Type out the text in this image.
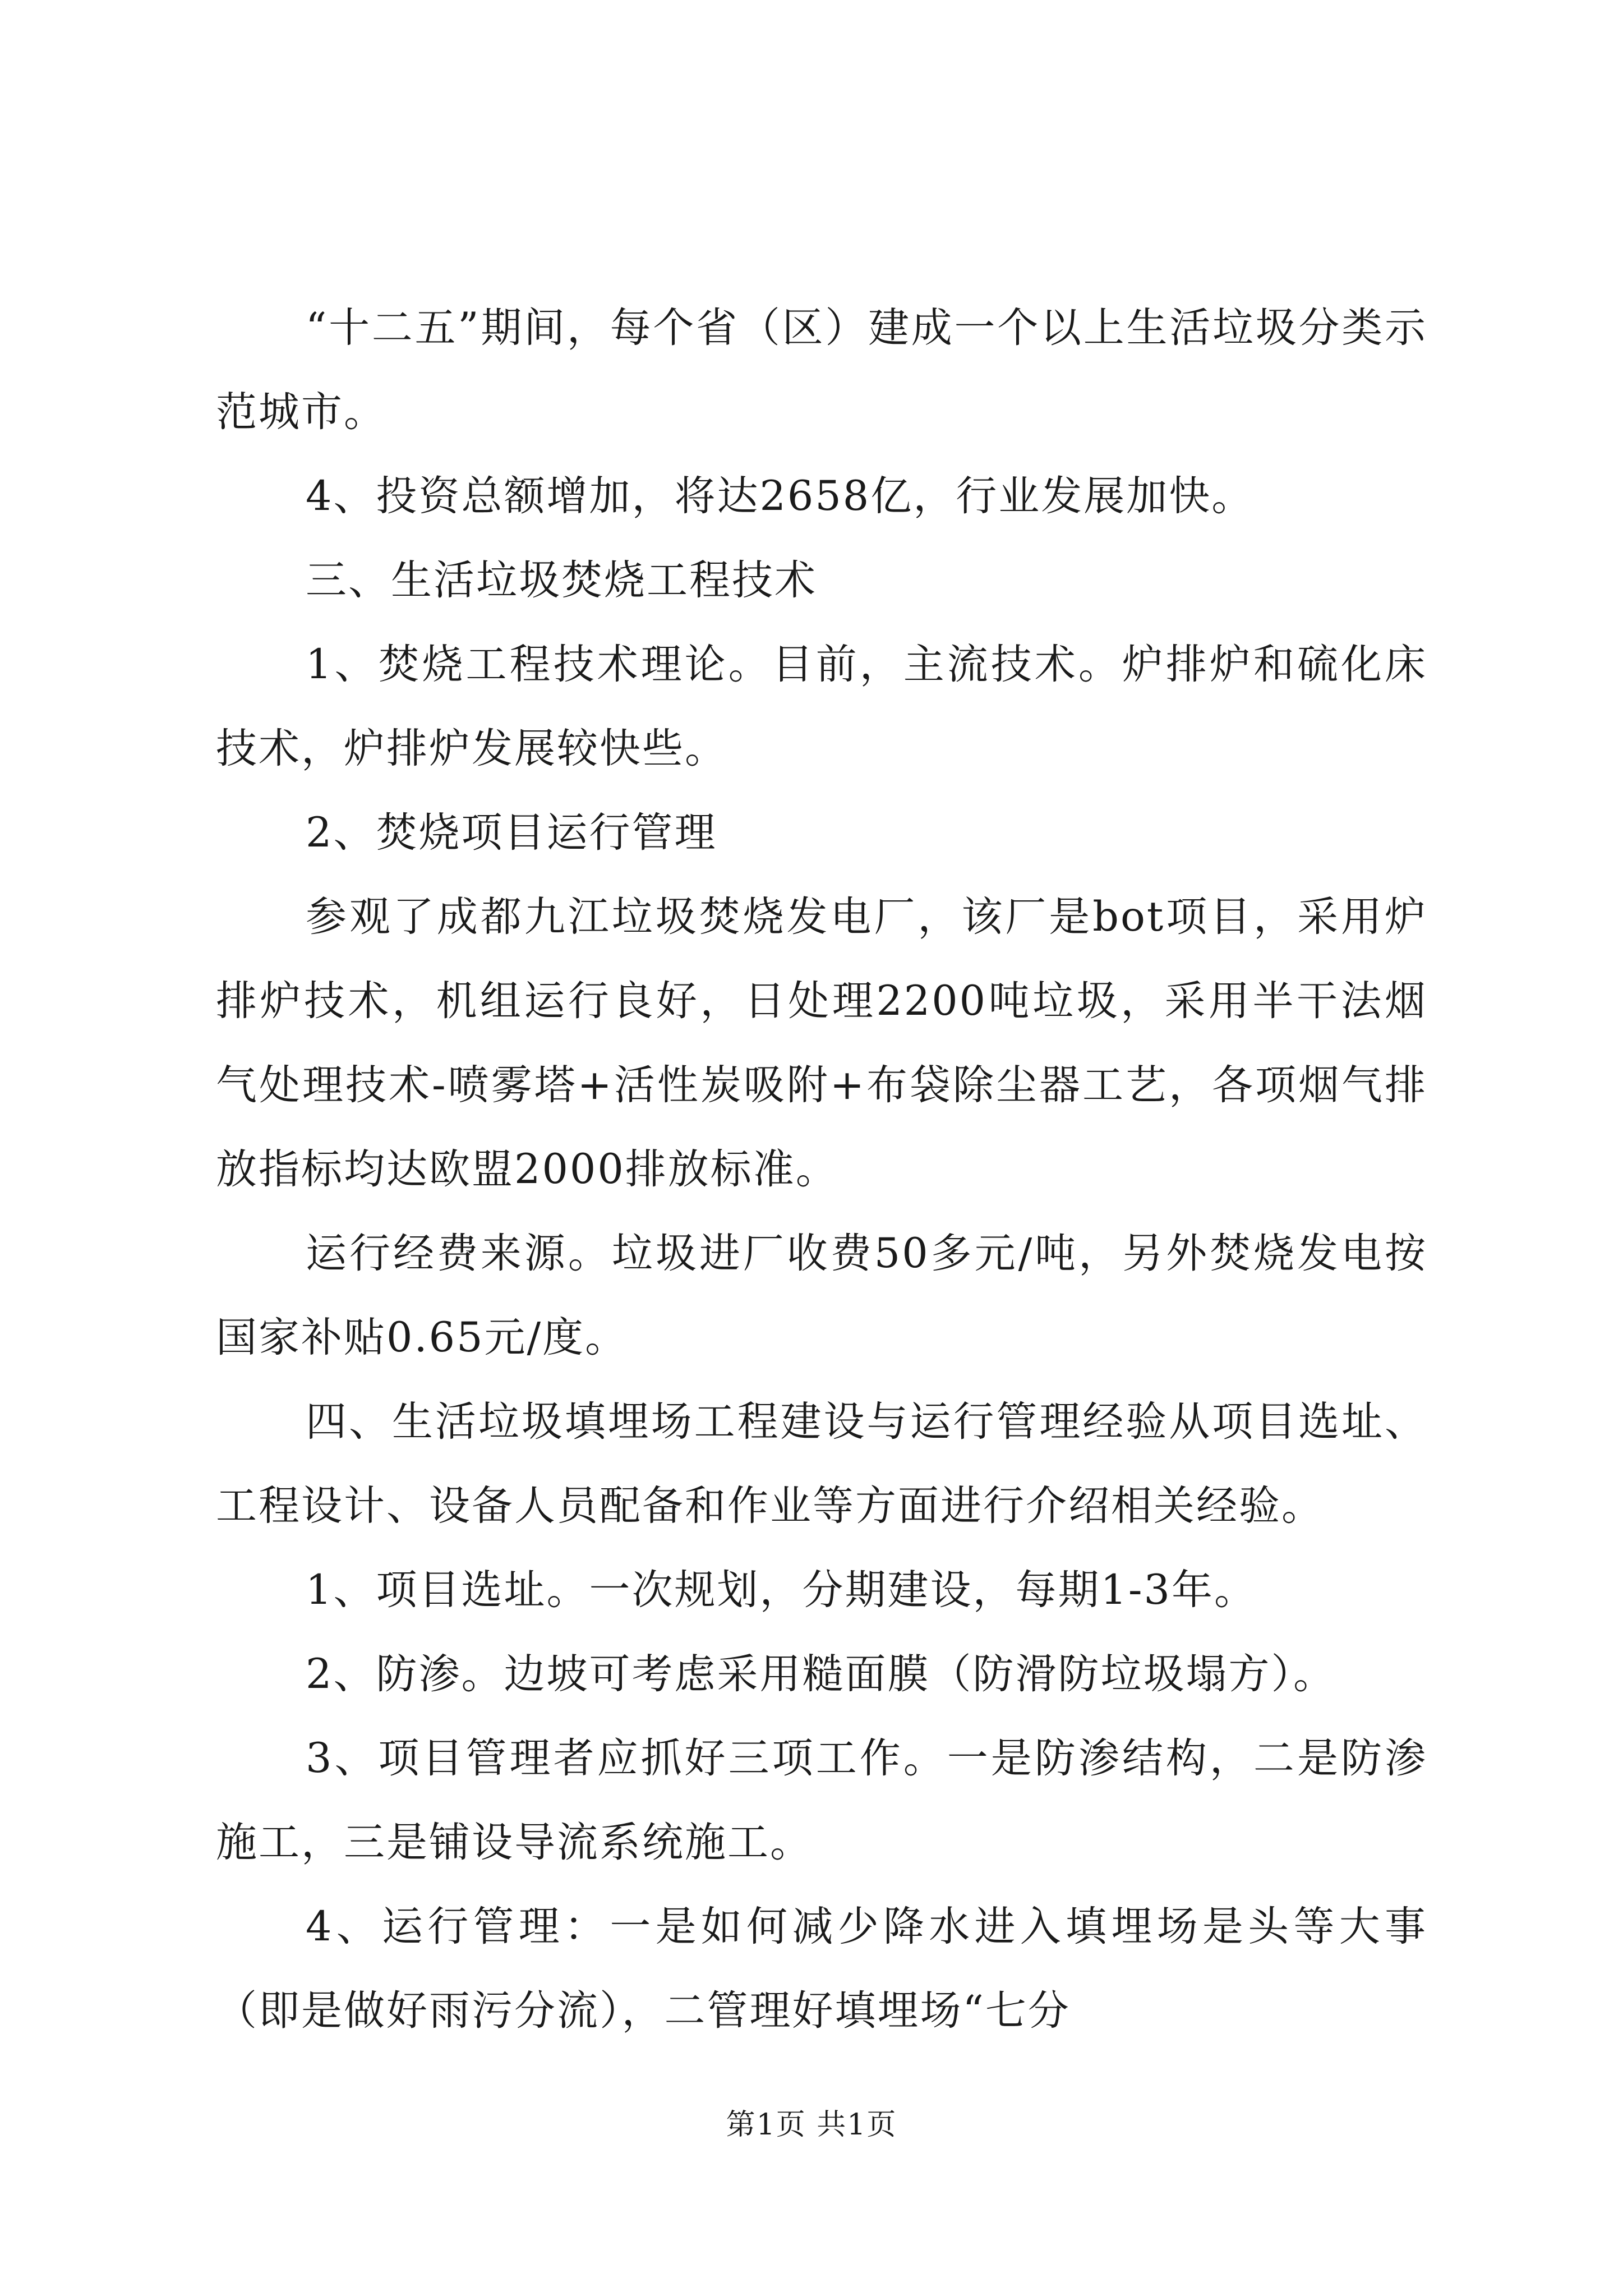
“十二五”期间，每个省（区）建成一个以上生活垃圾分类示范城市。

4、投资总额增加，将达2658亿，行业发展加快。

三、生活垃圾焚烧工程技术

1、焚烧工程技术理论。目前，主流技术。炉排炉和硫化床技术，炉排炉发展较快些。

2、焚烧项目运行管理

参观了成都九江垃圾焚烧发电厂，该厂是bot项目，采用炉排炉技术，机组运行良好，日处理2200吨垃圾，采用半干法烟气处理技术-喷雾塔+活性炭吸附+布袋除尘器工艺，各项烟气排放指标均达欧盟2000排放标准。

运行经费来源。垃圾进厂收费50多元/吨，另外焚烧发电按国家补贴0.65元/度。

四、生活垃圾填埋场工程建设与运行管理经验从项目选址、工程设计、设备人员配备和作业等方面进行介绍相关经验。

1、项目选址。一次规划，分期建设，每期1-3年。

2、防渗。边坡可考虑采用糙面膜（防滑防垃圾塌方）。

3、项目管理者应抓好三项工作。一是防渗结构，二是防渗施工，三是铺设导流系统施工。

4、运行管理：一是如何减少降水进入填埋场是头等大事（即是做好雨污分流），二管理好填埋场“七分

第1页 共1页
